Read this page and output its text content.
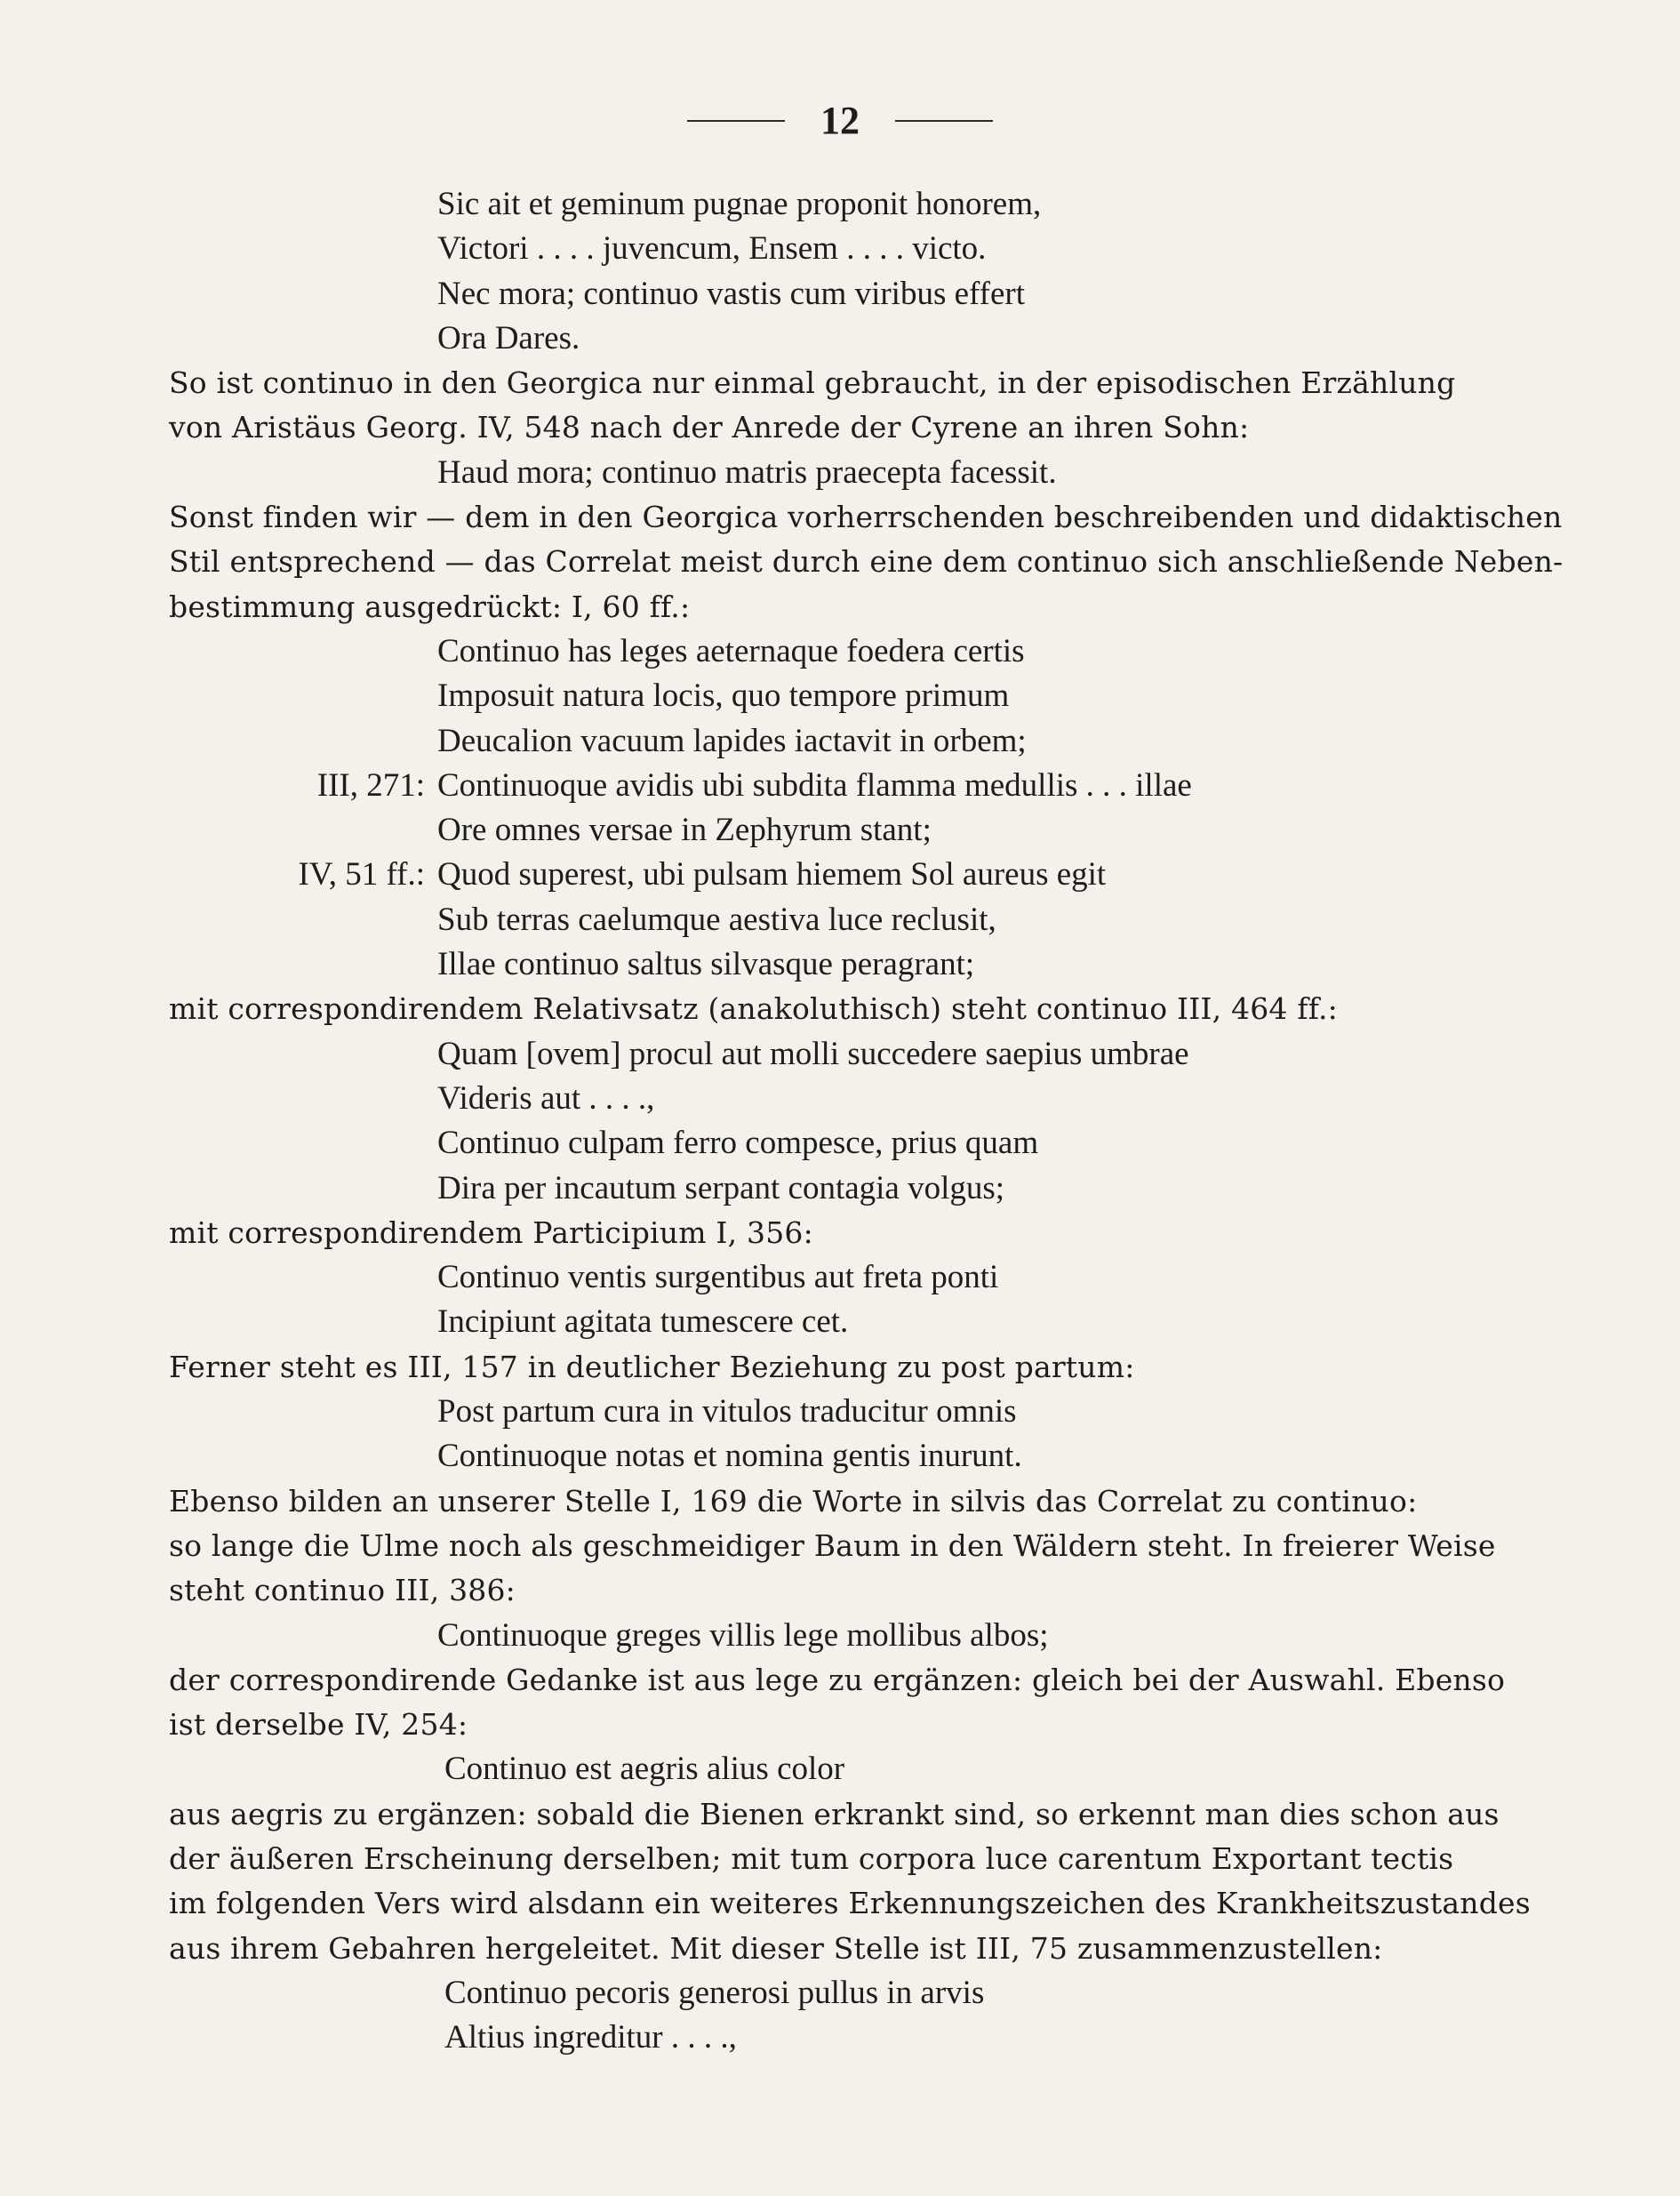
12
Sic ait et geminum pugnae proponit honorem,
Victori . . . . juvencum, Ensem . . . . victo.
Nec mora; continuo vastis cum viribus effert
Ora Dares.
So ist continuo in den Georgica nur einmal gebraucht, in der episodischen Erzählung
von Aristäus Georg. IV, 548 nach der Anrede der Cyrene an ihren Sohn:
Haud mora; continuo matris praecepta facessit.
Sonst finden wir — dem in den Georgica vorherrschenden beschreibenden und didaktischen
Stil entsprechend — das Correlat meist durch eine dem continuo sich anschließende Neben-
bestimmung ausgedrückt: I, 60 ff.:
Continuo has leges aeternaque foedera certis
Imposuit natura locis, quo tempore primum
Deucalion vacuum lapides iactavit in orbem;
III, 271: Continuoque avidis ubi subdita flamma medullis . . . illae
Ore omnes versae in Zephyrum stant;
IV, 51 ff.: Quod superest, ubi pulsam hiemem Sol aureus egit
Sub terras caelumque aestiva luce reclusit,
Illae continuo saltus silvasque peragrant;
mit correspondirendem Relativsatz (anakoluthisch) steht continuo III, 464 ff.:
Quam [ovem] procul aut molli succedere saepius umbrae
Videris aut . . . .,
Continuo culpam ferro compesce, prius quam
Dira per incautum serpant contagia volgus;
mit correspondirendem Participium I, 356:
Continuo ventis surgentibus aut freta ponti
Incipiunt agitata tumescere cet.
Ferner steht es III, 157 in deutlicher Beziehung zu post partum:
Post partum cura in vitulos traducitur omnis
Continuoque notas et nomina gentis inurunt.
Ebenso bilden an unserer Stelle I, 169 die Worte in silvis das Correlat zu continuo:
so lange die Ulme noch als geschmeidiger Baum in den Wäldern steht. In freierer Weise
steht continuo III, 386:
Continuoque greges villis lege mollibus albos;
der correspondirende Gedanke ist aus lege zu ergänzen: gleich bei der Auswahl. Ebenso
ist derselbe IV, 254:
Continuo est aegris alius color
aus aegris zu ergänzen: sobald die Bienen erkrankt sind, so erkennt man dies schon aus
der äußeren Erscheinung derselben; mit tum corpora luce carentum Exportant tectis
im folgenden Vers wird alsdann ein weiteres Erkennungszeichen des Krankheitszustandes
aus ihrem Gebahren hergeleitet. Mit dieser Stelle ist III, 75 zusammenzustellen:
Continuo pecoris generosi pullus in arvis
Altius ingreditur . . . .,
